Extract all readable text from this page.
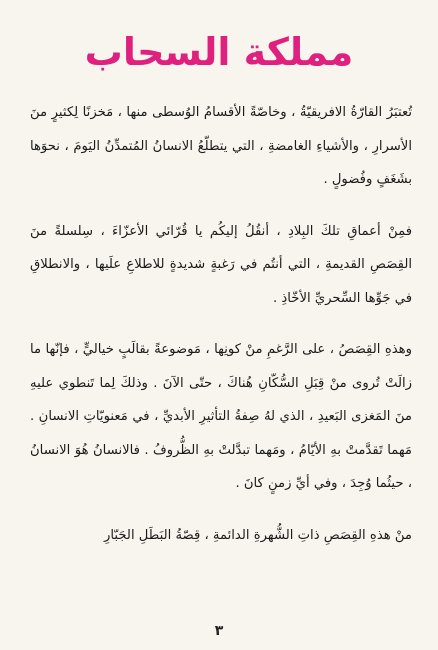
مملكة السحاب

تُعتبَرُ القارّةُ الافريقيّةُ ، وخاصّةً الأقسامُ الوُسطى منها ، مَخزنًا لِكثيرٍ منَ الأسرارِ ، والأشياءِ الغامضةِ ، التي يتطلّعُ الانسانُ المُتمدِّنُ اليَومَ ، نحوَها بشَغَفٍ وفُضولٍ .

فمِنْ أعماقِ تلكَ البِلادِ ، أنقُلُ إليكُم يا قُرّائي الأعزّاءَ ، سِلسلةً منَ القِصَصِ القديمةِ ، التي أنتُم في رَغبةٍ شديدةٍ للاطلاعِ علَيها ، والانطلاقِ في جَوِّها السِّحريِّ الأخّاذِ .

وهذهِ القِصَصُ ، على الرَّغمِ منْ كونِها ، مَوضوعةً بقالَبٍ خياليٍّ ، فإنّها ما زالَتْ تُروى منْ قِبَلِ السُّكّانِ هُناكَ ، حتّى الآنَ . وذلكَ لِما تَنطوي عليهِ منَ المَغزى البَعيدِ ، الذي لهُ صِفةُ التأثيرِ الأبديِّ ، في مَعنويّاتِ الانسانِ . مَهما تَقدَّمتْ بهِ الأيّامُ ، ومَهما تبدَّلتْ بهِ الظُّروفُ . فالانسانُ هُوَ الانسانُ ، حيثُما وُجِدَ ، وفي أيِّ زمنٍ كانَ .

منْ هذهِ القِصَصِ ذاتِ الشُّهرةِ الدائمةِ ، قِصّةُ البَطَلِ الجَبّارِ

٣
